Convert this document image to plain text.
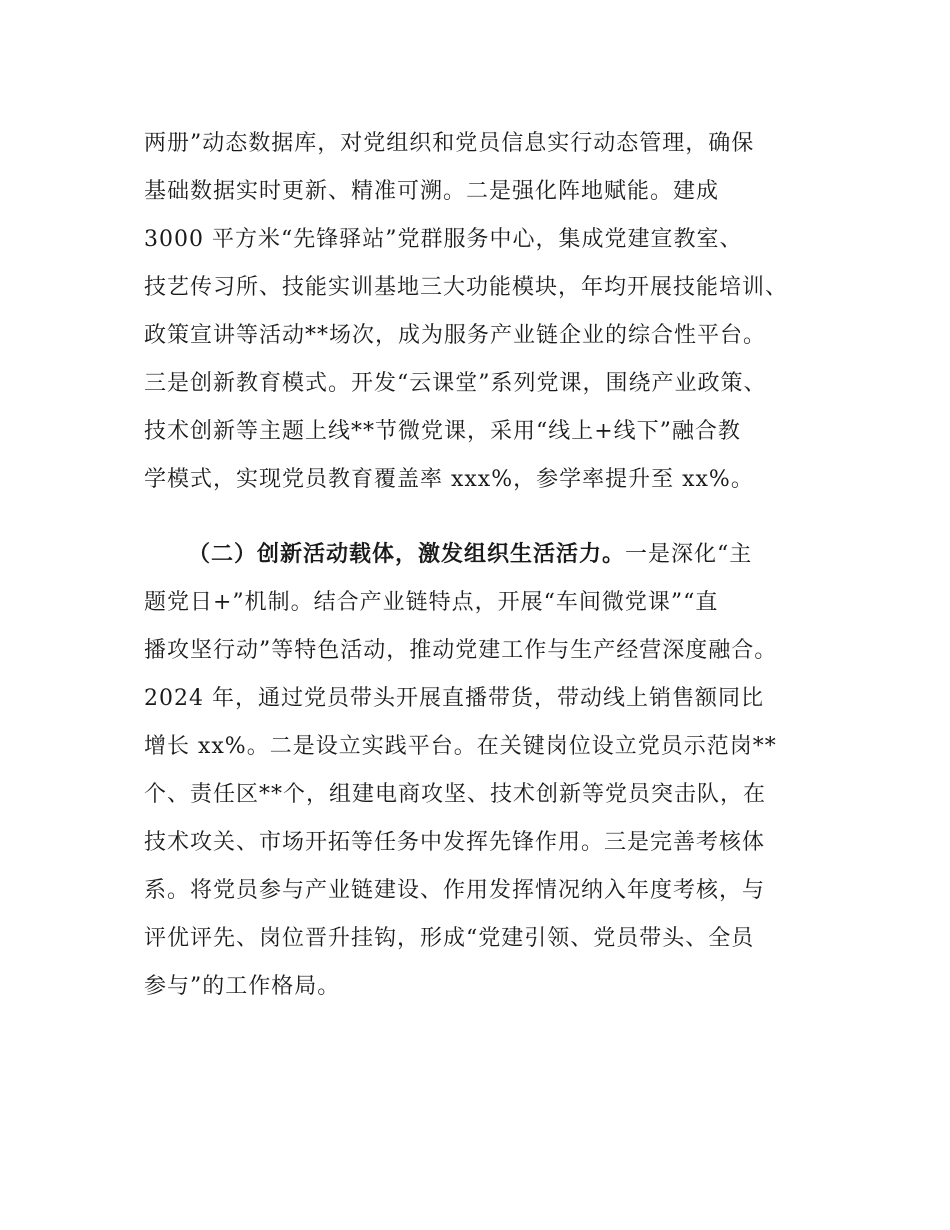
两册”动态数据库，对党组织和党员信息实行动态管理，确保
基础数据实时更新、精准可溯。二是强化阵地赋能。建成
3000 平方米“先锋驿站”党群服务中心，集成党建宣教室、
技艺传习所、技能实训基地三大功能模块，年均开展技能培训、
政策宣讲等活动**场次，成为服务产业链企业的综合性平台。
三是创新教育模式。开发“云课堂”系列党课，围绕产业政策、
技术创新等主题上线**节微党课，采用“线上+线下”融合教
学模式，实现党员教育覆盖率 xxx%，参学率提升至 xx%。
（二）创新活动载体，激发组织生活活力。一是深化“主
题党日+”机制。结合产业链特点，开展“车间微党课”“直
播攻坚行动”等特色活动，推动党建工作与生产经营深度融合。
2024 年，通过党员带头开展直播带货，带动线上销售额同比
增长 xx%。二是设立实践平台。在关键岗位设立党员示范岗**
个、责任区**个，组建电商攻坚、技术创新等党员突击队，在
技术攻关、市场开拓等任务中发挥先锋作用。三是完善考核体
系。将党员参与产业链建设、作用发挥情况纳入年度考核，与
评优评先、岗位晋升挂钩，形成“党建引领、党员带头、全员
参与”的工作格局。
